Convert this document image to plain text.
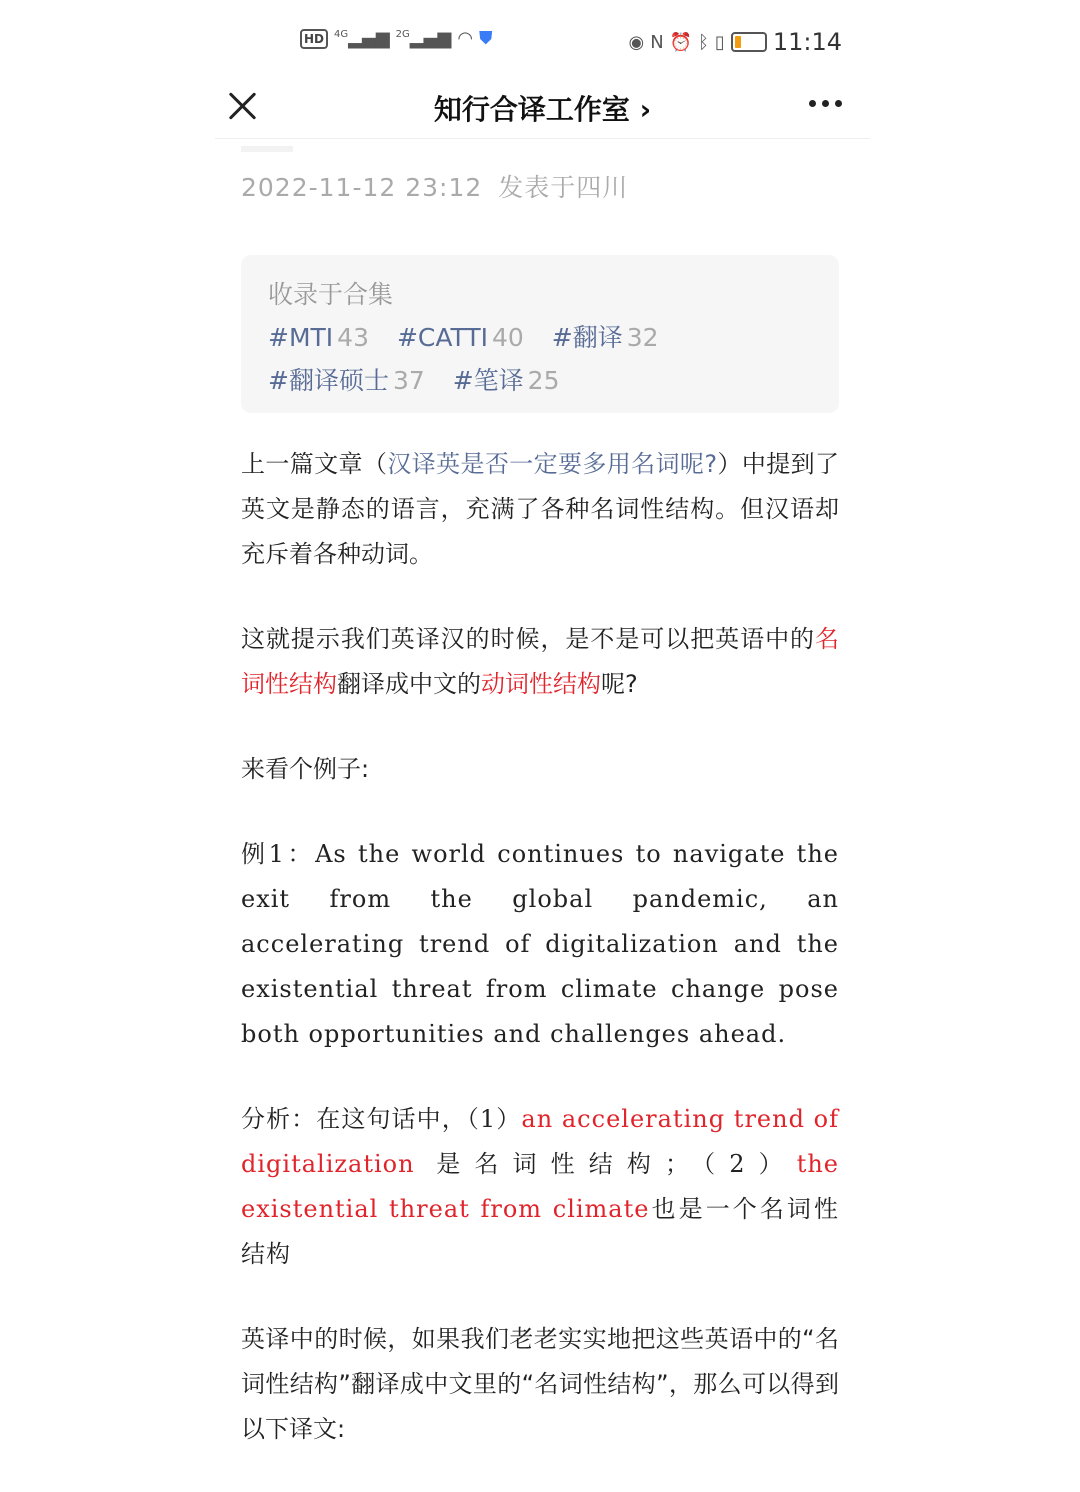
HD	$^{4G}$▂▄▆ $^{2G}$▂▄▆ ◠ ⛊	◉ N ⏰ ᛒ ▯ 11:14
知行合译工作室 ›
2022-11-12 23:12 发表于四川
收录于合集
#MTI 43 #CATTI 40 #翻译 32
#翻译硕士 37 #笔译 25

上一篇文章（汉译英是否一定要多用名词呢?）中提到了英文是静态的语言，充满了各种名词性结构。但汉语却充斥着各种动词。

这就提示我们英译汉的时候，是不是可以把英语中的名词性结构翻译成中文的动词性结构呢?

来看个例子:

例1：As the world continues to navigate the exit from the global pandemic, an accelerating trend of digitalization and the existential threat from climate change pose both opportunities and challenges ahead.

分析：在这句话中，（1）an accelerating trend of digitalization 是名词性结构；（2）the existential threat from climate也是一个名词性结构

英译中的时候，如果我们老老实实地把这些英语中的“名词性结构”翻译成中文里的“名词性结构”，那么可以得到以下译文:
